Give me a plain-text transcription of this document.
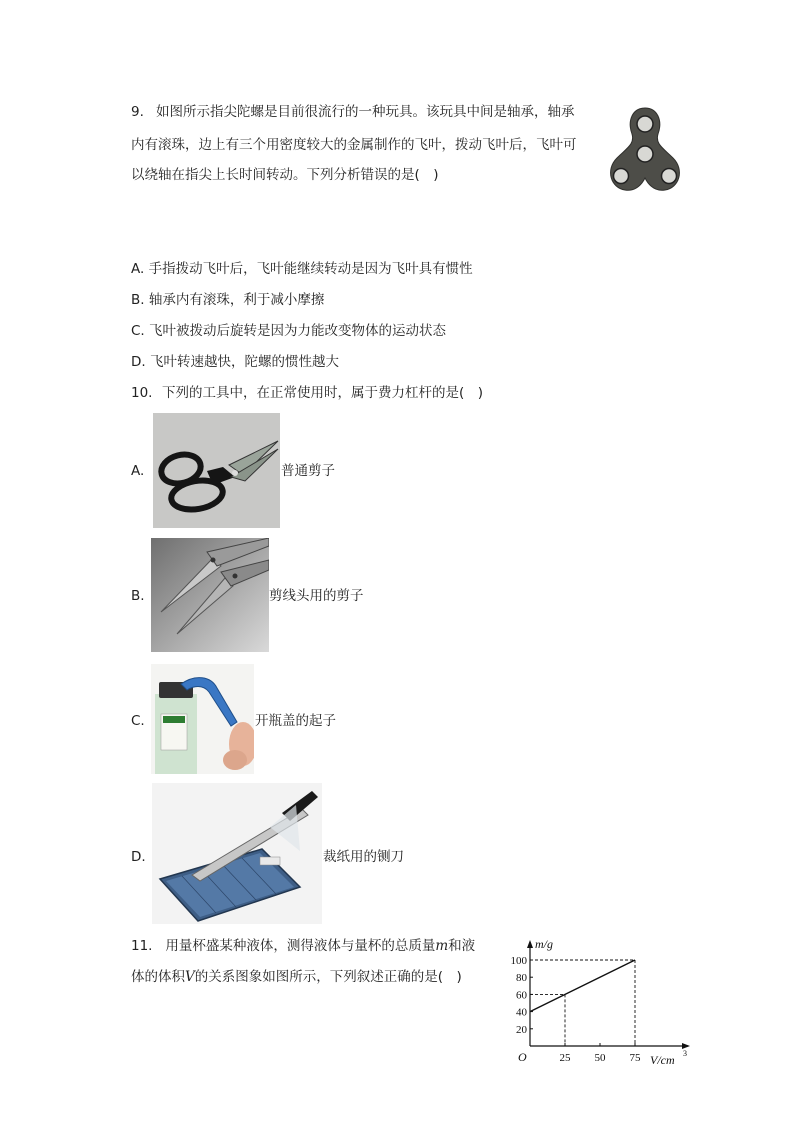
9. 如图所示指尖陀螺是目前很流行的一种玩具。该玩具中间是轴承，轴承
内有滚珠，边上有三个用密度较大的金属制作的飞叶，拨动飞叶后，飞叶可
以绕轴在指尖上长时间转动。下列分析错误的是(　)
A. 手指拨动飞叶后，飞叶能继续转动是因为飞叶具有惯性
B. 轴承内有滚珠，利于减小摩擦
C. 飞叶被拨动后旋转是因为力能改变物体的运动状态
D. 飞叶转速越快，陀螺的惯性越大
10. 下列的工具中，在正常使用时，属于费力杠杆的是(　)
A.	普通剪子
B.	剪线头用的剪子
C.	开瓶盖的起子
D.	裁纸用的铡刀
11. 用量杯盛某种液体，测得液体与量杯的总质量m和液
体的体积V的关系图象如图所示，下列叙述正确的是(　)
20
40
60
80
100
25 50 75
m/g
V/cm 3
O
